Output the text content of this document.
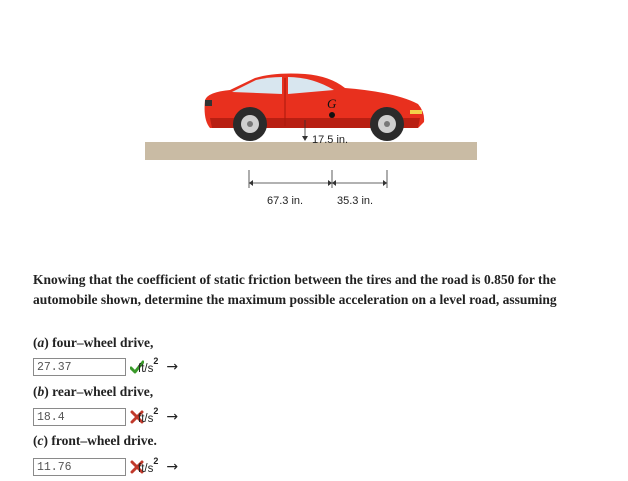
G
17.5 in.
67.3 in.	35.3 in.
Knowing that the coefficient of static friction between the tires and the road is 0.850 for the automobile shown, determine the maximum possible acceleration on a level road, assuming
(a) four–wheel drive,
27.37
$ft/s^2$ →
(b) rear–wheel drive,
18.4
$ft/s^2$ →
(c) front–wheel drive.
11.76
$ft/s^2$ →
